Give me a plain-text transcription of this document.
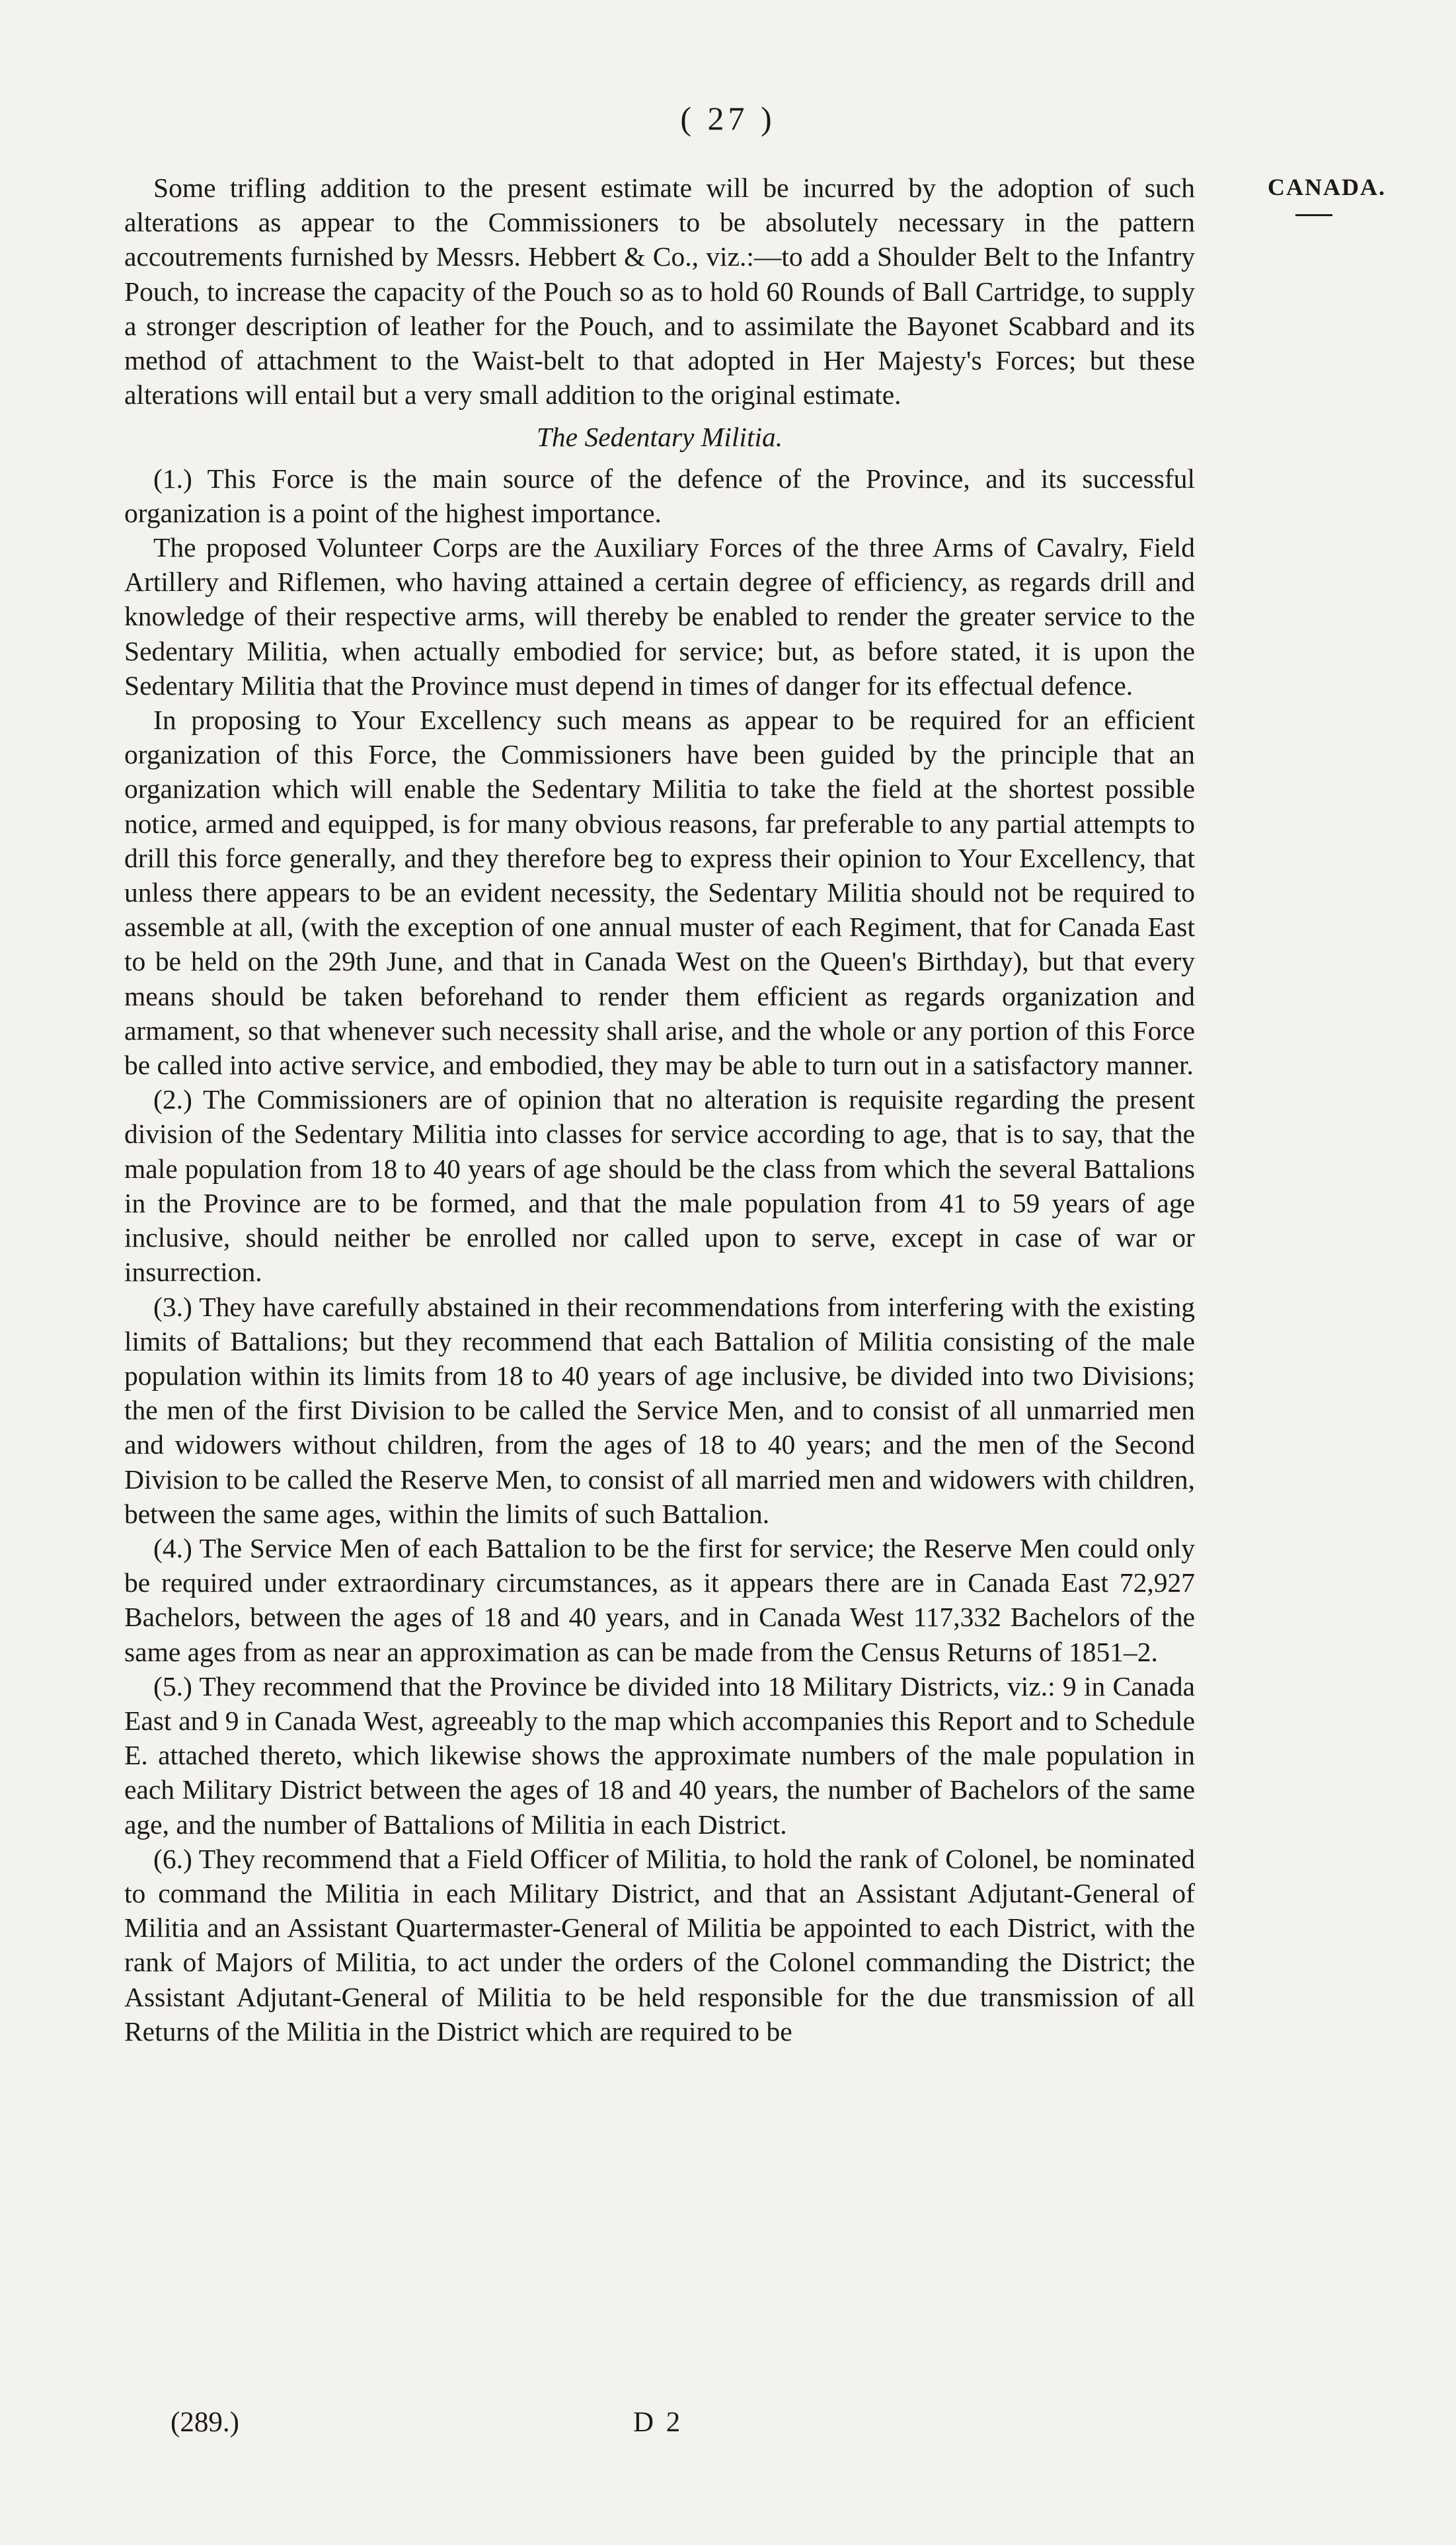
( 27 )
CANADA.

Some trifling addition to the present estimate will be incurred by the adoption of such alterations as appear to the Commissioners to be absolutely necessary in the pattern accoutrements furnished by Messrs. Hebbert & Co., viz.:—to add a Shoulder Belt to the Infantry Pouch, to increase the capacity of the Pouch so as to hold 60 Rounds of Ball Cartridge, to supply a stronger description of leather for the Pouch, and to assimilate the Bayonet Scabbard and its method of attachment to the Waist-belt to that adopted in Her Majesty's Forces; but these alterations will entail but a very small addition to the original estimate.

The Sedentary Militia.

(1.) This Force is the main source of the defence of the Province, and its successful organization is a point of the highest importance.

The proposed Volunteer Corps are the Auxiliary Forces of the three Arms of Cavalry, Field Artillery and Riflemen, who having attained a certain degree of efficiency, as regards drill and knowledge of their respective arms, will thereby be enabled to render the greater service to the Sedentary Militia, when actually embodied for service; but, as before stated, it is upon the Sedentary Militia that the Province must depend in times of danger for its effectual defence.

In proposing to Your Excellency such means as appear to be required for an efficient organization of this Force, the Commissioners have been guided by the principle that an organization which will enable the Sedentary Militia to take the field at the shortest possible notice, armed and equipped, is for many obvious reasons, far preferable to any partial attempts to drill this force generally, and they therefore beg to express their opinion to Your Excellency, that unless there appears to be an evident necessity, the Sedentary Militia should not be required to assemble at all, (with the exception of one annual muster of each Regiment, that for Canada East to be held on the 29th June, and that in Canada West on the Queen's Birthday), but that every means should be taken beforehand to render them efficient as regards organization and armament, so that whenever such necessity shall arise, and the whole or any portion of this Force be called into active service, and embodied, they may be able to turn out in a satisfactory manner.

(2.) The Commissioners are of opinion that no alteration is requisite regarding the present division of the Sedentary Militia into classes for service according to age, that is to say, that the male population from 18 to 40 years of age should be the class from which the several Battalions in the Province are to be formed, and that the male population from 41 to 59 years of age inclusive, should neither be enrolled nor called upon to serve, except in case of war or insurrection.

(3.) They have carefully abstained in their recommendations from interfering with the existing limits of Battalions; but they recommend that each Battalion of Militia consisting of the male population within its limits from 18 to 40 years of age inclusive, be divided into two Divisions; the men of the first Division to be called the Service Men, and to consist of all unmarried men and widowers without children, from the ages of 18 to 40 years; and the men of the Second Division to be called the Reserve Men, to consist of all married men and widowers with children, between the same ages, within the limits of such Battalion.

(4.) The Service Men of each Battalion to be the first for service; the Reserve Men could only be required under extraordinary circumstances, as it appears there are in Canada East 72,927 Bachelors, between the ages of 18 and 40 years, and in Canada West 117,332 Bachelors of the same ages from as near an approximation as can be made from the Census Returns of 1851–2.

(5.) They recommend that the Province be divided into 18 Military Districts, viz.: 9 in Canada East and 9 in Canada West, agreeably to the map which accompanies this Report and to Schedule E. attached thereto, which likewise shows the approximate numbers of the male population in each Military District between the ages of 18 and 40 years, the number of Bachelors of the same age, and the number of Battalions of Militia in each District.

(6.) They recommend that a Field Officer of Militia, to hold the rank of Colonel, be nominated to command the Militia in each Military District, and that an Assistant Adjutant-General of Militia and an Assistant Quartermaster-General of Militia be appointed to each District, with the rank of Majors of Militia, to act under the orders of the Colonel commanding the District; the Assistant Adjutant-General of Militia to be held responsible for the due transmission of all Returns of the Militia in the District which are required to be

(289.)	D 2
